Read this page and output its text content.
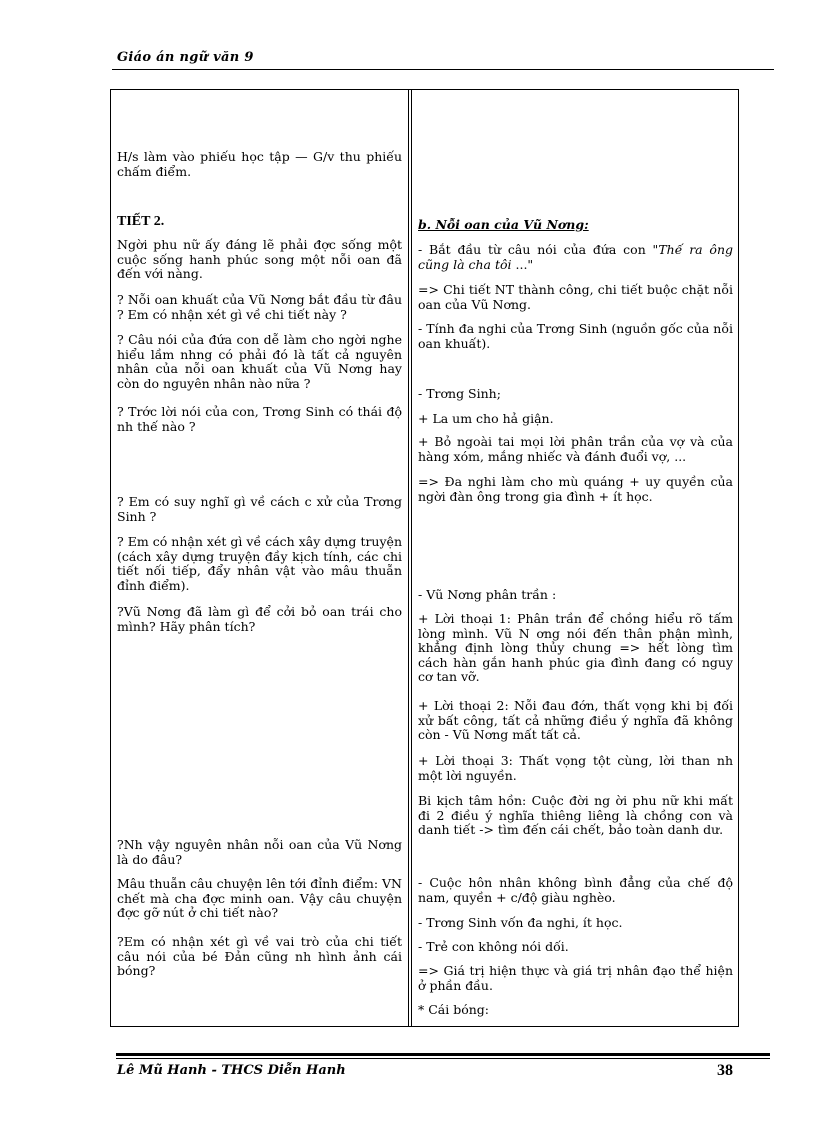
Giáo án ngữ văn 9
H/s làm vào phiếu học tập — G/v thu phiếu chấm điểm.
TIẾT 2.
Ngời phu nữ ấy đáng lẽ phải đợc sống một cuộc sống hanh phúc song một nỗi oan đã đến với nàng.
? Nỗi oan khuất của Vũ Nơng bắt đầu từ đâu ? Em có nhận xét gì về chi tiết này ?
? Câu nói của đứa con dễ làm cho ngời nghe hiểu lầm nhng có phải đó là tất cả nguyên nhân của nỗi oan khuất của Vũ Nơng hay còn do nguyên nhân nào nữa ?
? Trớc lời nói của con, Trơng Sinh có thái độ nh thế nào ?
? Em có suy nghĩ gì về cách c xử của Trơng Sinh ?
? Em có nhận xét gì về cách xây dựng truyện (cách xây dựng truyện đầy kịch tính, các chi tiết nối tiếp, đẩy nhân vật vào mâu thuẫn đỉnh điểm).
?Vũ Nơng đã làm gì để cởi bỏ oan trái cho mình? Hãy phân tích?
?Nh vậy nguyên nhân nỗi oan của Vũ Nơng là do đâu?
Mâu thuẫn câu chuyện lên tới đỉnh điểm: VN chết mà cha đợc minh oan. Vậy câu chuyện đợc gỡ nút ở chi tiết nào?
?Em có nhận xét gì về vai trò của chi tiết câu nói của bé Đản cũng nh hình ảnh cái bóng?
b. Nỗi oan của Vũ Nơng:
- Bắt đầu từ câu nói của đứa con "Thế ra ông cũng là cha tôi ..."
=> Chi tiết NT thành công, chi tiết buộc chặt nỗi oan của Vũ Nơng.
- Tính đa nghi của Trơng Sinh (nguồn gốc của nỗi oan khuất).
- Trơng Sinh;
+ La um cho hả giận.
+ Bỏ ngoài tai mọi lời phân trần của vợ và của hàng xóm, mắng nhiếc và đánh đuổi vợ, ...
=> Đa nghi làm cho mù quáng + uy quyền của ngời đàn ông trong gia đình + ít học.
- Vũ Nơng phân trần :
+ Lời thoại 1: Phân trần để chồng hiểu rõ tấm lòng mình. Vũ N ơng nói đến thân phận mình, khẳng định lòng thủy chung => hết lòng tìm cách hàn gắn hanh phúc gia đình đang có nguy cơ tan vỡ.
+ Lời thoại 2: Nỗi đau đớn, thất vọng khi bị đối xử bất công, tất cả những điều ý nghĩa đã không còn - Vũ Nơng mất tất cả.
+ Lời thoại 3: Thất vọng tột cùng, lời than nh một lời nguyền.
Bi kịch tâm hồn: Cuộc đời ng ời phu nữ khi mất đi 2 điều ý nghĩa thiêng liêng là chồng con và danh tiết -> tìm đến cái chết, bảo toàn danh dư.
- Cuộc hôn nhân không bình đẳng của chế độ nam, quyền + c/độ giàu nghèo.
- Trơng Sinh vốn đa nghi, ít học.
- Trẻ con không nói dối.
=> Giá trị hiện thực và giá trị nhân đạo thể hiện ở phần đầu.
* Cái bóng:
Lê Mũ Hanh - THCS Diễn Hanh	38
